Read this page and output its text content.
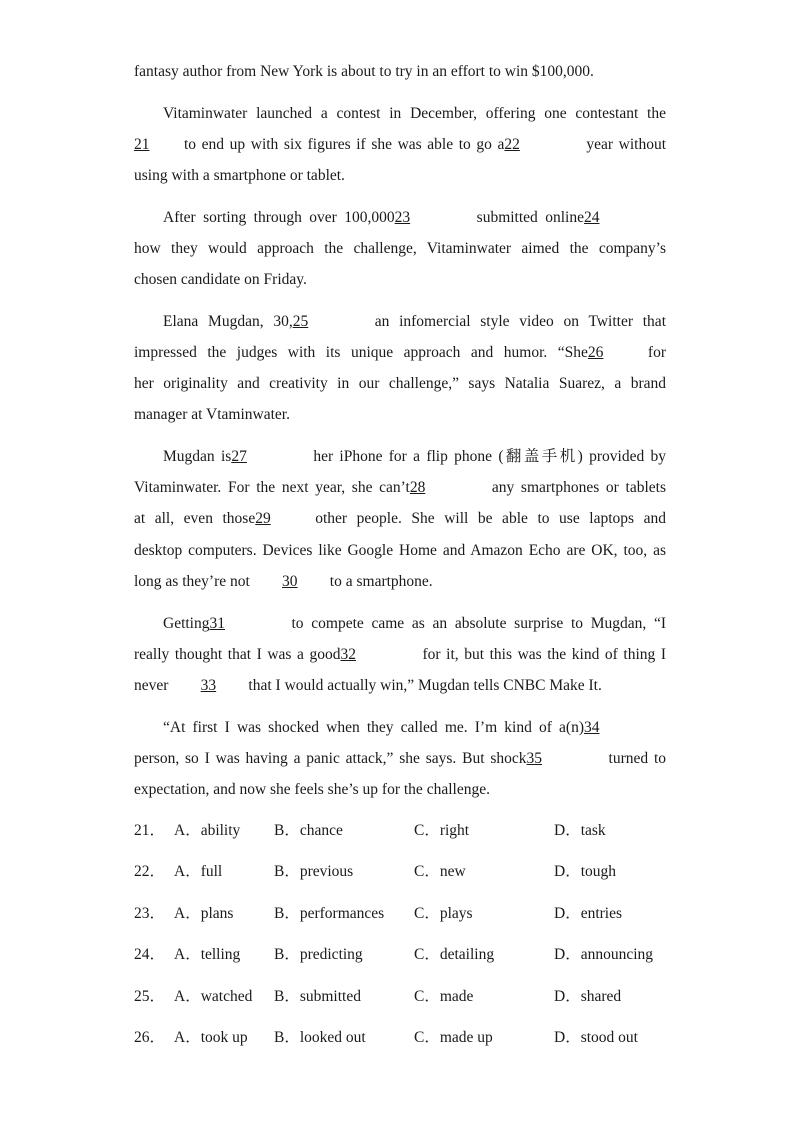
fantasy author from New York is about to try in an effort to win $100,000.
Vitaminwater launched a contest in December, offering one contestant the
21 to end up with six figures if she was able to go a22	year without
using with a smartphone or tablet.
After sorting through over 100,00023	submitted online24
how they would approach the challenge, Vitaminwater aimed the company’s
chosen candidate on Friday.
Elana Mugdan, 30,25	an infomercial style video on Twitter that
impressed the judges with its unique approach and humor. “She26	for
her originality and creativity in our challenge,” says Natalia Suarez, a brand
manager at Vtaminwater.
Mugdan is27	her iPhone for a flip phone (翻盖手机) provided by
Vitaminwater. For the next year, she can’t28	any smartphones or tablets
at all, even those29	other people. She will be able to use laptops and
desktop computers. Devices like Google Home and Amazon Echo are OK, too, as
long as they’re not 30 to a smartphone.
Getting31	to compete came as an absolute surprise to Mugdan, “I
really thought that I was a good32	for it, but this was the kind of thing I
never 33 that I would actually win,” Mugdan tells CNBC Make It.
“At first I was shocked when they called me. I’m kind of a(n)34
person, so I was having a panic attack,” she says. But shock35	turned to
expectation, and now she feels she’s up for the challenge.
21． A．ability B．chance	C．right	D．task
22． A．full	B．previous	C．new	D．tough
23． A．plans	B．performances C．plays	D．entries
24． A．telling B．predicting	C．detailing	D．announcing
25． A．watched B．submitted	C．made	D．shared
26． A．took up B．looked out	C．made up	D．stood out
